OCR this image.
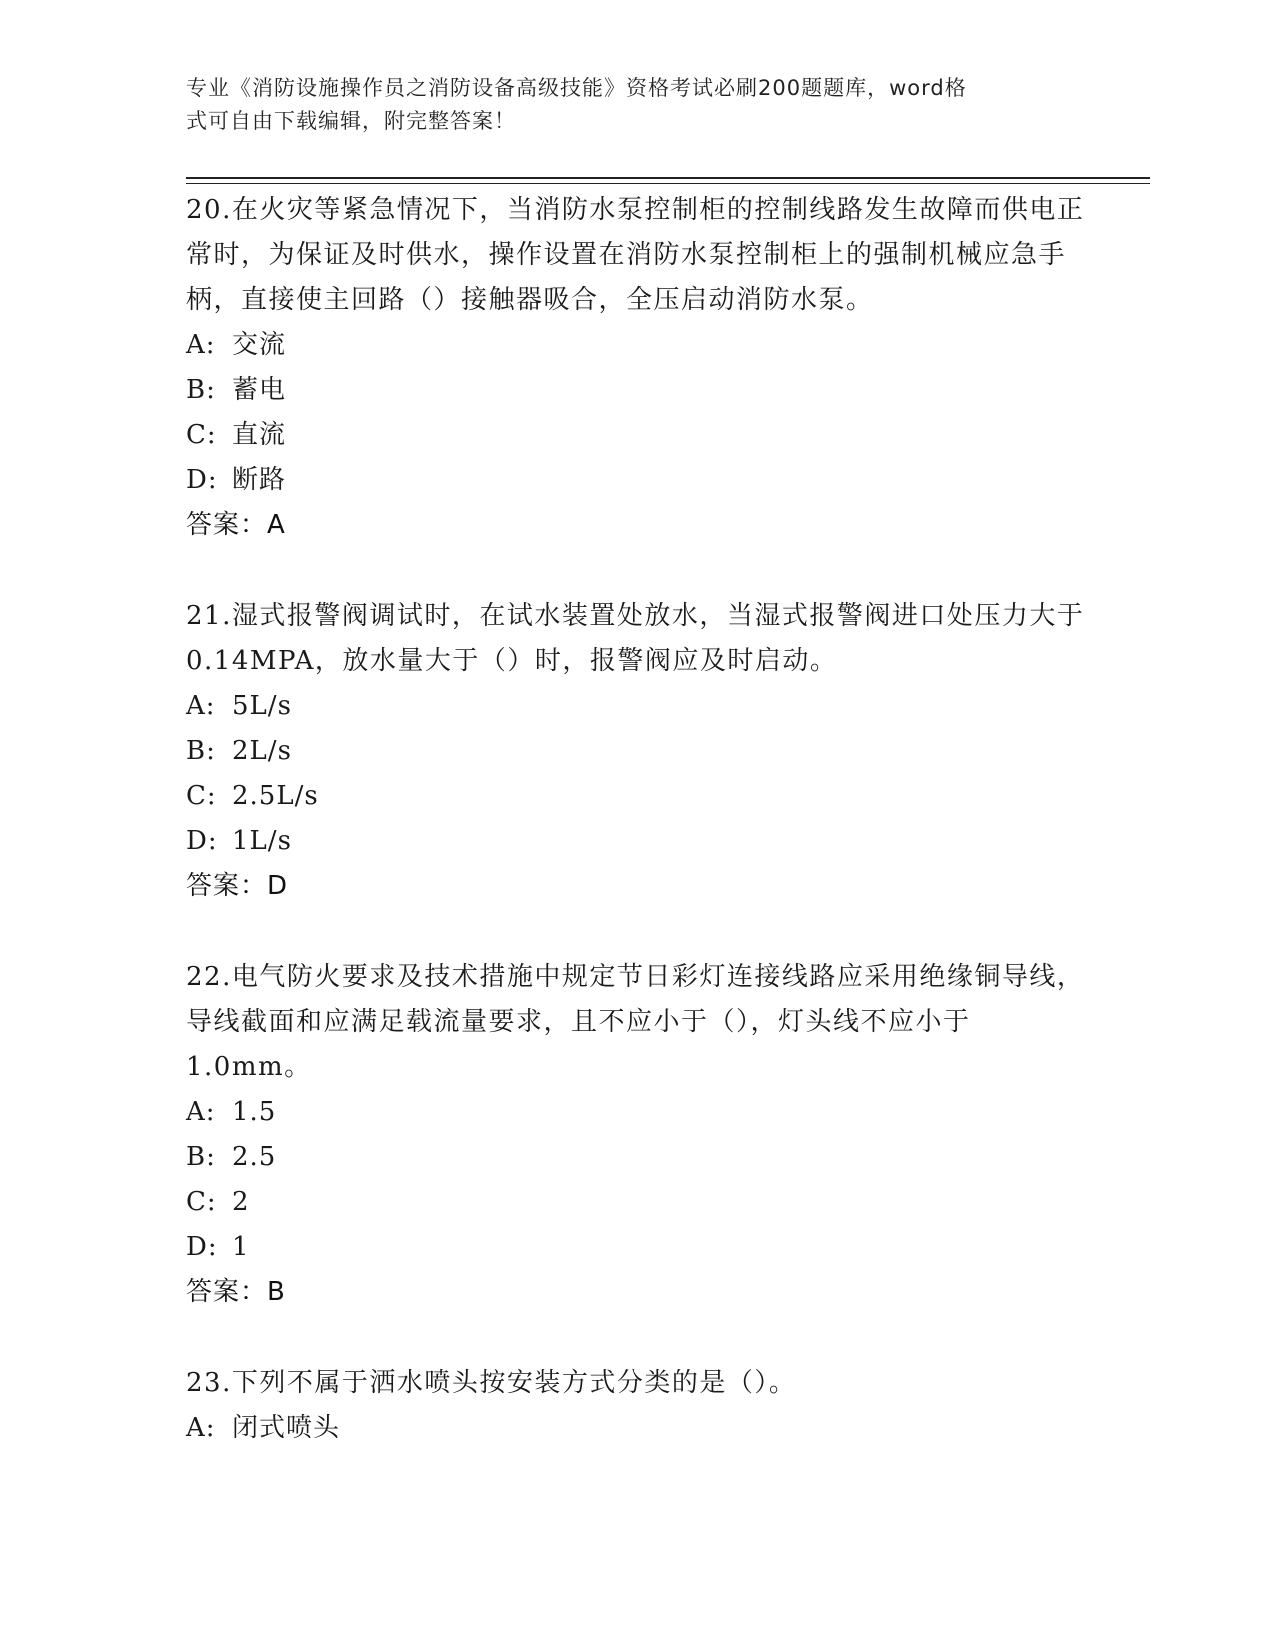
专业《消防设施操作员之消防设备高级技能》资格考试必刷200题题库，word格
式可自由下载编辑，附完整答案！

20.在火灾等紧急情况下，当消防水泵控制柜的控制线路发生故障而供电正常时，为保证及时供水，操作设置在消防水泵控制柜上的强制机械应急手柄，直接使主回路（）接触器吸合，全压启动消防水泵。

A: 交流
B: 蓄电
C: 直流
D: 断路
答案：A

21.湿式报警阀调试时，在试水装置处放水，当湿式报警阀进口处压力大于0.14MPA，放水量大于（）时，报警阀应及时启动。

A: 5L/s
B: 2L/s
C: 2.5L/s
D: 1L/s
答案：D

22.电气防火要求及技术措施中规定节日彩灯连接线路应采用绝缘铜导线，导线截面和应满足载流量要求，且不应小于（），灯头线不应小于1.0mm。

A: 1.5
B: 2.5
C: 2
D: 1
答案：B

23.下列不属于洒水喷头按安装方式分类的是（）。

A: 闭式喷头
